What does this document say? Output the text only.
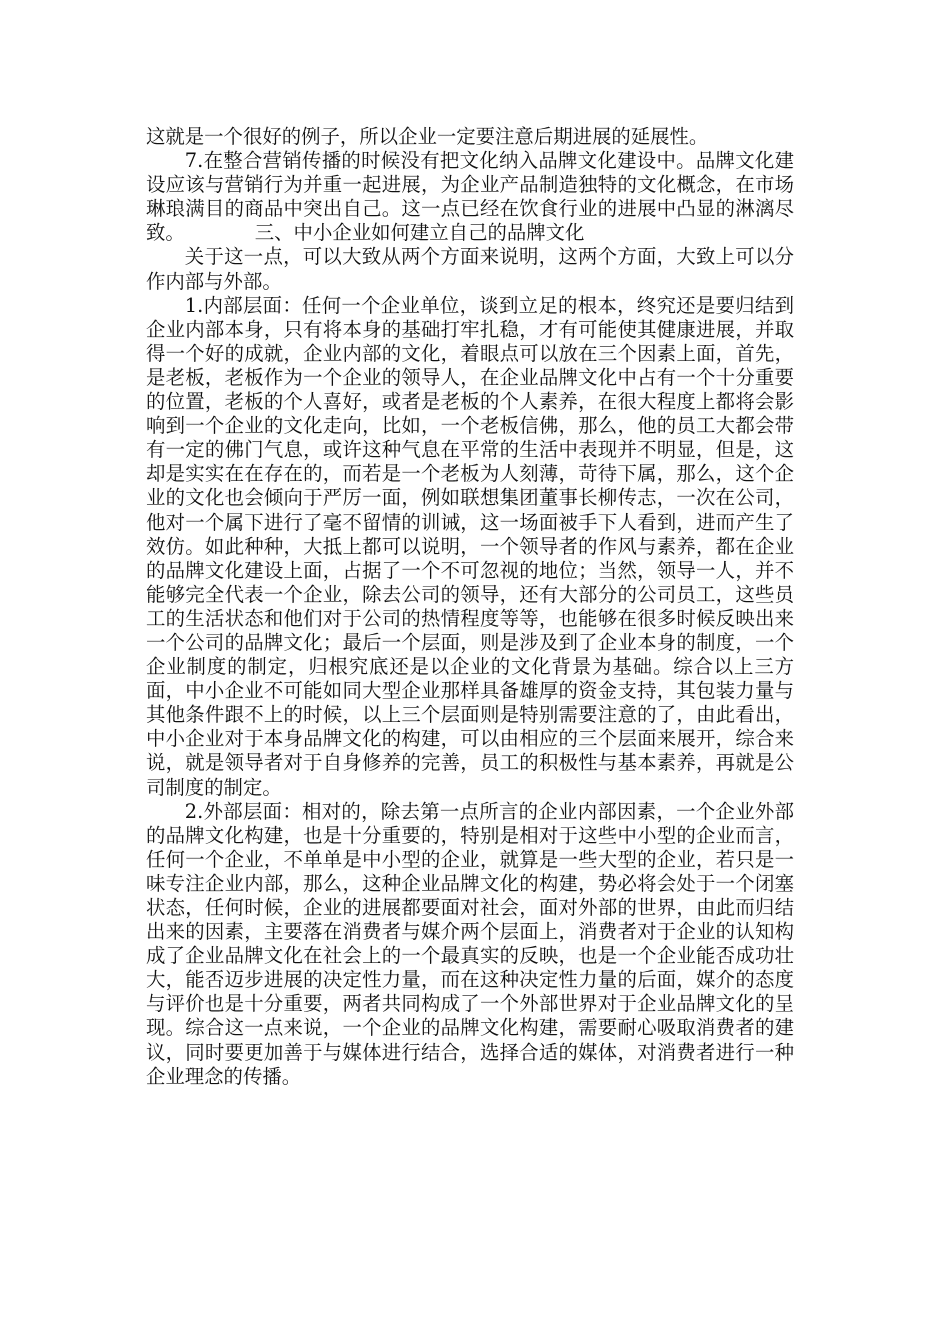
这就是一个很好的例子，所以企业一定要注意后期进展的延展性。

7.在整合营销传播的时候没有把文化纳入品牌文化建设中。品牌文化建设应该与营销行为并重一起进展，为企业产品制造独特的文化概念，在市场琳琅满目的商品中突出自己。这一点已经在饮食行业的进展中凸显的淋漓尽致。	三、中小企业如何建立自己的品牌文化

关于这一点，可以大致从两个方面来说明，这两个方面，大致上可以分作内部与外部。

1.内部层面：任何一个企业单位，谈到立足的根本，终究还是要归结到企业内部本身，只有将本身的基础打牢扎稳，才有可能使其健康进展，并取得一个好的成就，企业内部的文化，着眼点可以放在三个因素上面，首先，是老板，老板作为一个企业的领导人，在企业品牌文化中占有一个十分重要的位置，老板的个人喜好，或者是老板的个人素养，在很大程度上都将会影响到一个企业的文化走向，比如，一个老板信佛，那么，他的员工大都会带有一定的佛门气息，或许这种气息在平常的生活中表现并不明显，但是，这却是实实在在存在的，而若是一个老板为人刻薄，苛待下属，那么，这个企业的文化也会倾向于严厉一面，例如联想集团董事长柳传志，一次在公司，他对一个属下进行了毫不留情的训诫，这一场面被手下人看到，进而产生了效仿。如此种种，大抵上都可以说明，一个领导者的作风与素养，都在企业的品牌文化建设上面，占据了一个不可忽视的地位；当然，领导一人，并不能够完全代表一个企业，除去公司的领导，还有大部分的公司员工，这些员工的生活状态和他们对于公司的热情程度等等，也能够在很多时候反映出来一个公司的品牌文化；最后一个层面，则是涉及到了企业本身的制度，一个企业制度的制定，归根究底还是以企业的文化背景为基础。综合以上三方面，中小企业不可能如同大型企业那样具备雄厚的资金支持，其包装力量与其他条件跟不上的时候，以上三个层面则是特别需要注意的了，由此看出，中小企业对于本身品牌文化的构建，可以由相应的三个层面来展开，综合来说，就是领导者对于自身修养的完善，员工的积极性与基本素养，再就是公司制度的制定。

2.外部层面：相对的，除去第一点所言的企业内部因素，一个企业外部的品牌文化构建，也是十分重要的，特别是相对于这些中小型的企业而言，任何一个企业，不单单是中小型的企业，就算是一些大型的企业，若只是一味专注企业内部，那么，这种企业品牌文化的构建，势必将会处于一个闭塞状态，任何时候，企业的进展都要面对社会，面对外部的世界，由此而归结出来的因素，主要落在消费者与媒介两个层面上，消费者对于企业的认知构成了企业品牌文化在社会上的一个最真实的反映，也是一个企业能否成功壮大，能否迈步进展的决定性力量，而在这种决定性力量的后面，媒介的态度与评价也是十分重要，两者共同构成了一个外部世界对于企业品牌文化的呈现。综合这一点来说，一个企业的品牌文化构建，需要耐心吸取消费者的建议，同时要更加善于与媒体进行结合，选择合适的媒体，对消费者进行一种企业理念的传播。
